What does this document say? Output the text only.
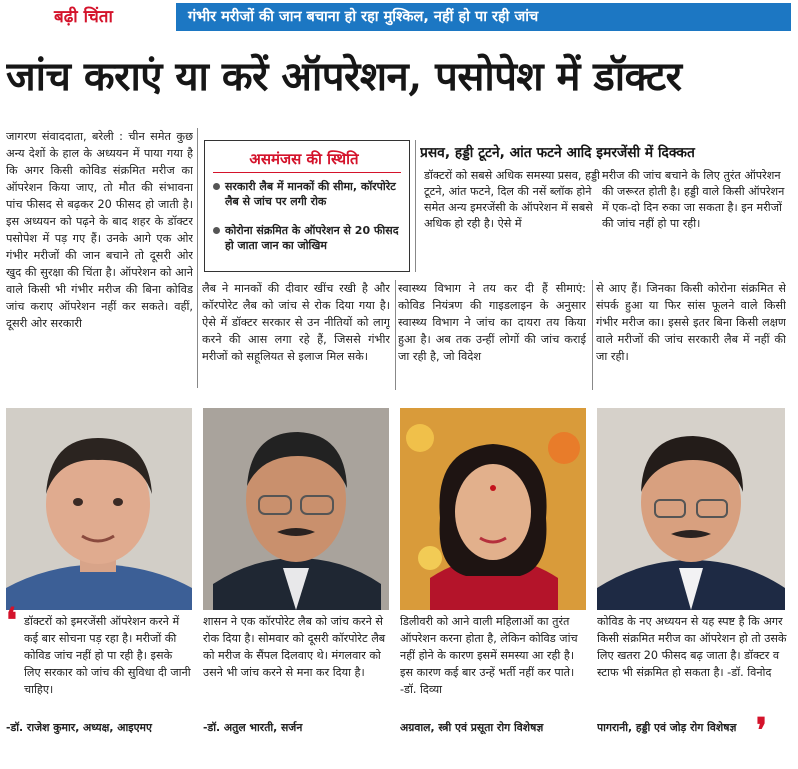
बढ़ी चिंता	गंभीर मरीजों की जान बचाना हो रहा मुश्किल, नहीं हो पा रही जांच
जांच कराएं या करें ऑपरेशन, पसोपेश में डॉक्टर
जागरण संवाददाता, बरेली : चीन समेत कुछ अन्य देशों के हाल के अध्ययन में पाया गया है कि अगर किसी कोविड संक्रमित मरीज का ऑपरेशन किया जाए, तो मौत की संभावना पांच फीसद से बढ़कर 20 फीसद हो जाती है। इस अध्ययन को पढ़ने के बाद शहर के डॉक्टर पसोपेश में पड़ गए हैं। उनके आगे एक ओर गंभीर मरीजों की जान बचाने तो दूसरी ओर खुद की सुरक्षा की चिंता है। ऑपरेशन को आने वाले किसी भी गंभीर मरीज की बिना कोविड जांच कराए ऑपरेशन नहीं कर सकते। वहीं, दूसरी ओर सरकारी
असमंजस की स्थिति
सरकारी लैब में मानकों की सीमा, कॉरपोरेट लैब से जांच पर लगी रोक
कोरोना संक्रमित के ऑपरेशन से 20 फीसद हो जाता जान का जोखिम
प्रसव, हड्डी टूटने, आंत फटने आदि इमरजेंसी में दिक्कत
डॉक्टरों को सबसे अधिक समस्या प्रसव, हड्डी टूटने, आंत फटने, दिल की नसें ब्लॉक होने समेत अन्य इमरजेंसी के ऑपरेशन में सबसे अधिक हो रही है। ऐसे में
मरीज की जांच बचाने के लिए तुरंत ऑपरेशन की जरूरत होती है। हड्डी वाले किसी ऑपरेशन में एक-दो दिन रुका जा सकता है। इन मरीजों की जांच नहीं हो पा रही।
लैब ने मानकों की दीवार खींच रखी है और कॉरपोरेट लैब को जांच से रोक दिया गया है। ऐसे में डॉक्टर सरकार से उन नीतियों को लागू करने की आस लगा रहे हैं, जिससे गंभीर मरीजों को सहूलियत से इलाज मिल सके।
स्वास्थ्य विभाग ने तय कर दी हैं सीमाएं: कोविड नियंत्रण की गाइडलाइन के अनुसार स्वास्थ्य विभाग ने जांच का दायरा तय किया हुआ है। अब तक उन्हीं लोगों की जांच कराई जा रही है, जो विदेश
से आए हैं। जिनका किसी कोरोना संक्रमित से संपर्क हुआ या फिर सांस फूलने वाले किसी गंभीर मरीज का। इससे इतर बिना किसी लक्षण वाले मरीजों की जांच सरकारी लैब में नहीं की जा रही।
❛ डॉक्टरों को इमरजेंसी ऑपरेशन करने में कई बार सोचना पड़ रहा है। मरीजों की कोविड जांच नहीं हो पा रही है। इसके लिए सरकार को जांच की सुविधा दी जानी चाहिए।
शासन ने एक कॉरपोरेट लैब को जांच करने से रोक दिया है। सोमवार को दूसरी कॉरपोरेट लैब को मरीज के सैंपल दिलवाए थे। मंगलवार को उसने भी जांच करने से मना कर दिया है।
डिलीवरी को आने वाली महिलाओं का तुरंत ऑपरेशन करना होता है, लेकिन कोविड जांच नहीं होने के कारण इसमें समस्या आ रही है। इस कारण कई बार उन्हें भर्ती नहीं कर पाते। -डॉ. दिव्या
कोविड के नए अध्ययन से यह स्पष्ट है कि अगर किसी संक्रमित मरीज का ऑपरेशन हो तो उसके लिए खतरा 20 फीसद बढ़ जाता है। डॉक्टर व स्टाफ भी संक्रमित हो सकता है। -डॉ. विनोद
-डॉ. राजेश कुमार, अध्यक्ष, आइएमए	-डॉ. अतुल भारती, सर्जन	अग्रवाल, स्त्री एवं प्रसूता रोग विशेषज्ञ	पागरानी, हड्डी एवं जोड़ रोग विशेषज्ञ ❜
